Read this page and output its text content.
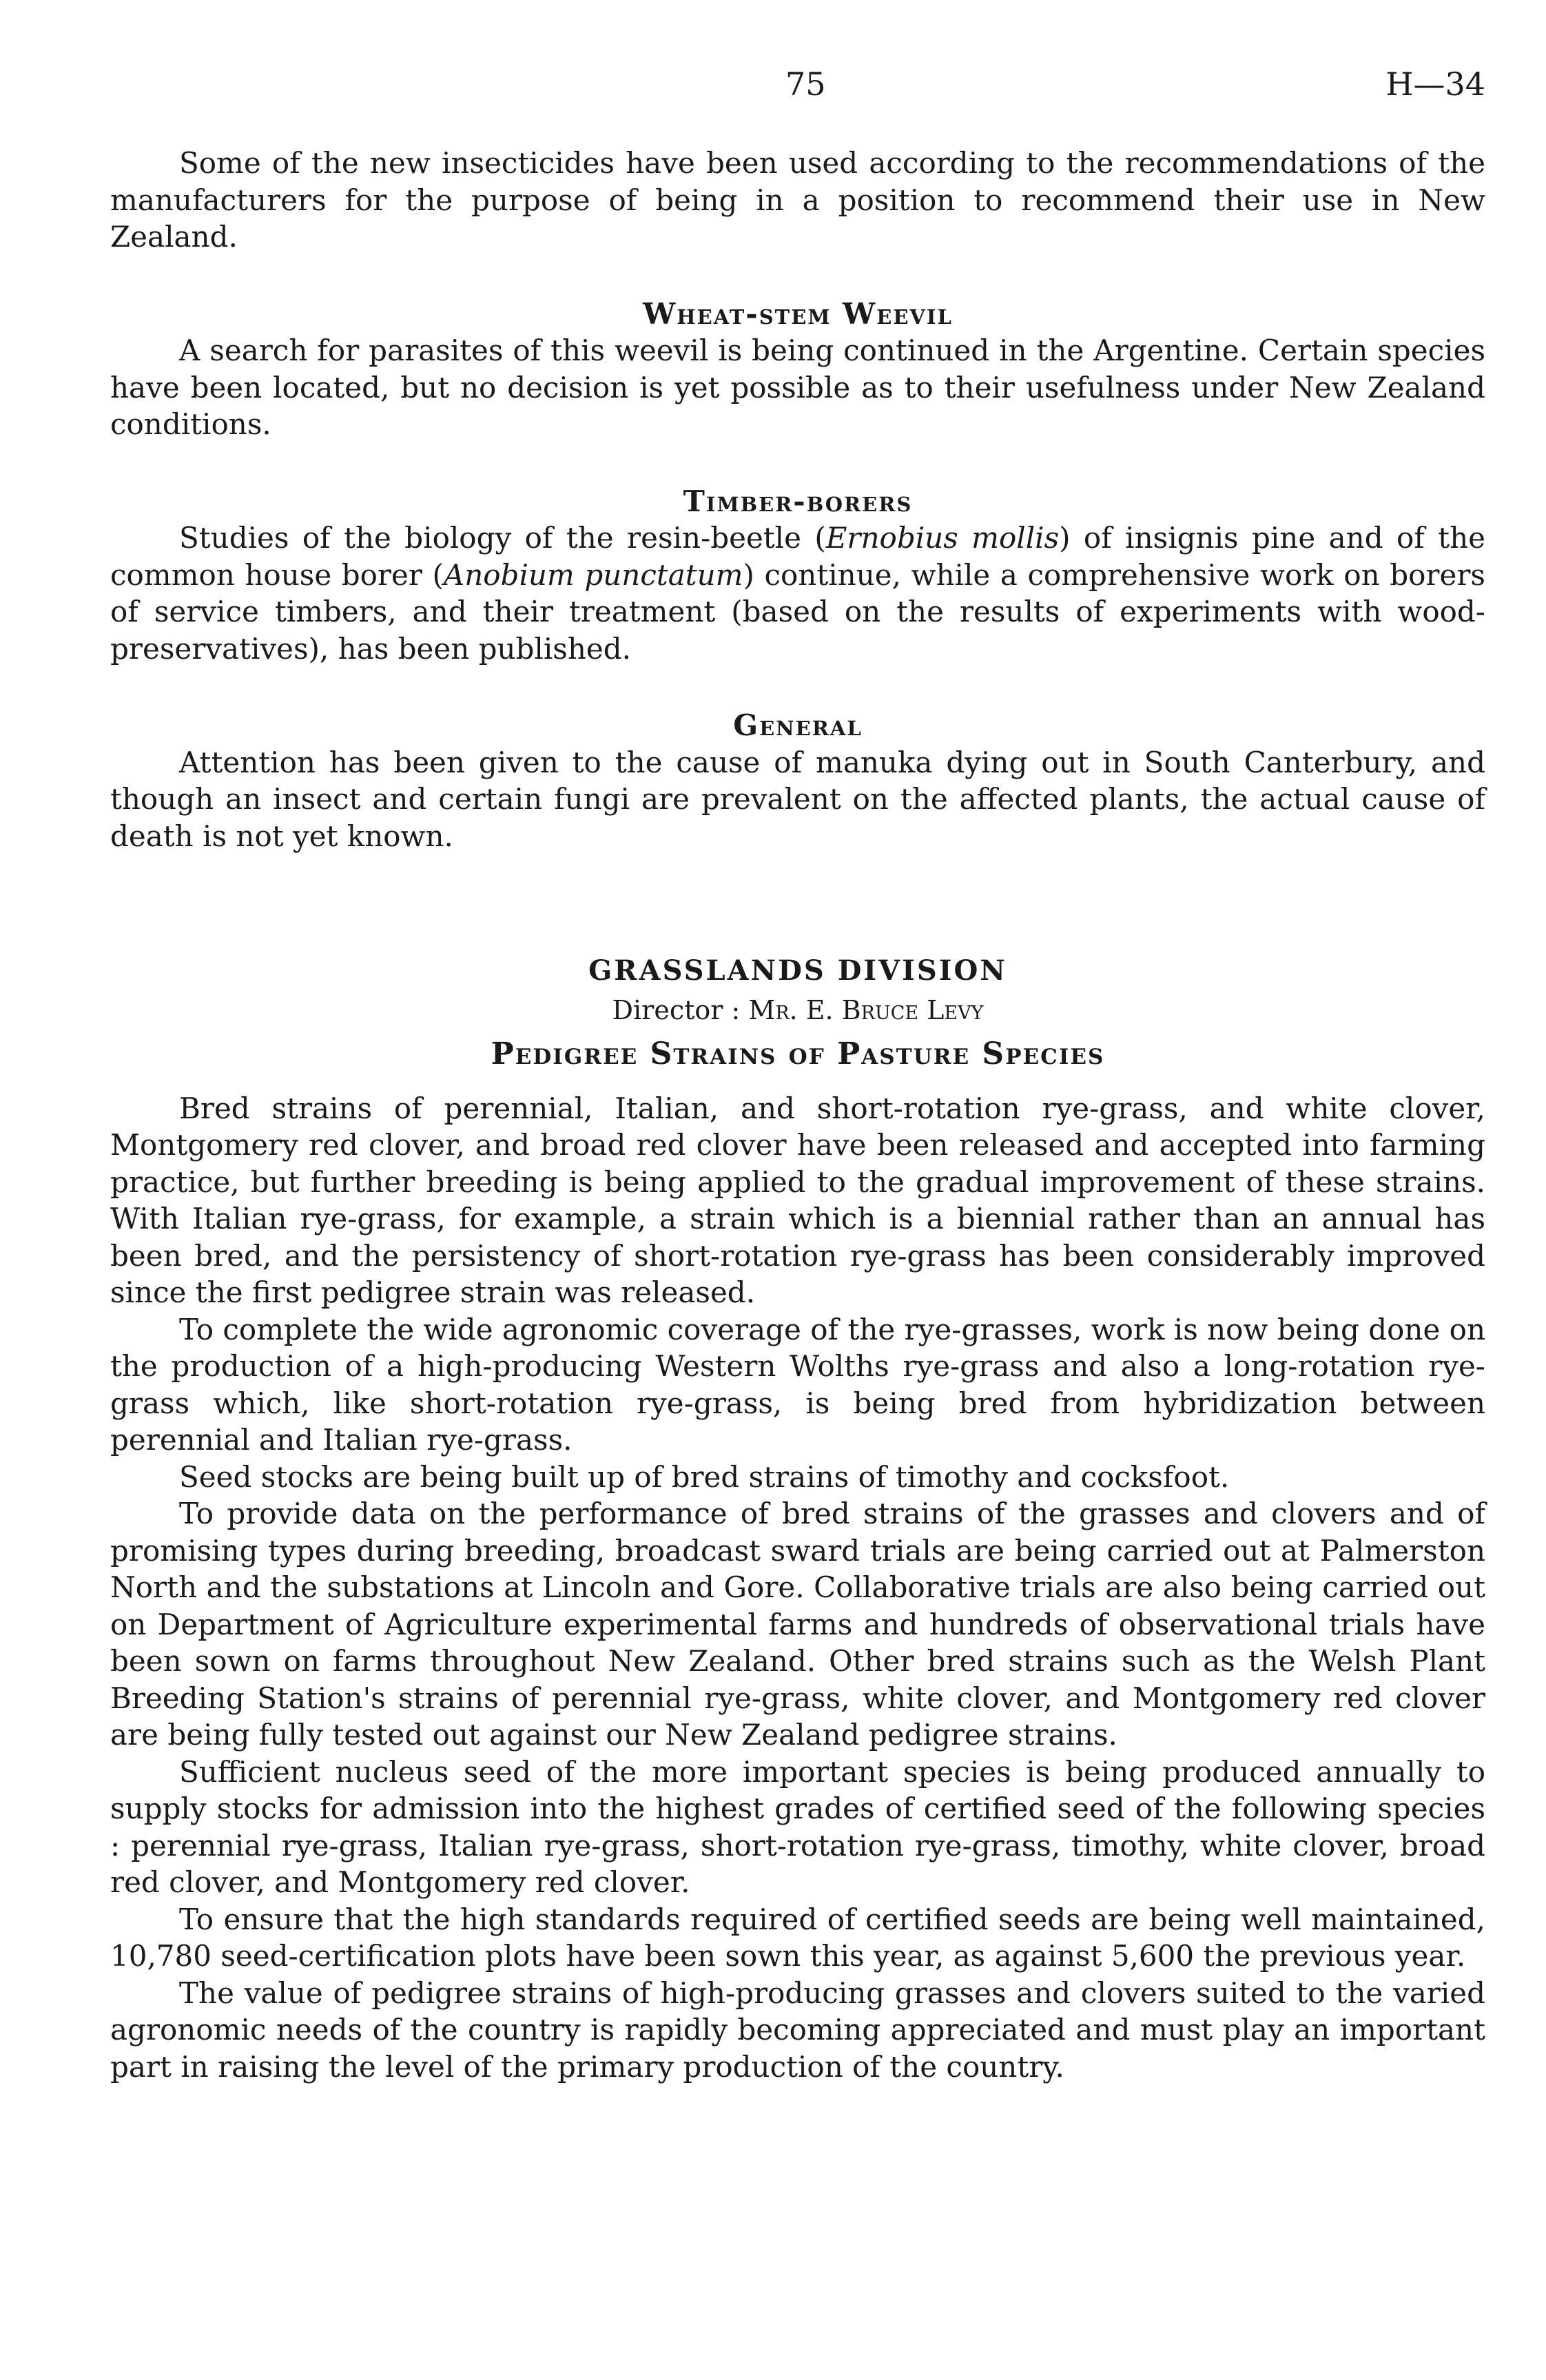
75	H—34

Some of the new insecticides have been used according to the recommendations of the manufacturers for the purpose of being in a position to recommend their use in New Zealand.

Wheat-stem Weevil

A search for parasites of this weevil is being continued in the Argentine. Certain species have been located, but no decision is yet possible as to their usefulness under New Zealand conditions.

Timber-borers

Studies of the biology of the resin-beetle (Ernobius mollis) of insignis pine and of the common house borer (Anobium punctatum) continue, while a comprehensive work on borers of service timbers, and their treatment (based on the results of experiments with wood-preservatives), has been published.

General

Attention has been given to the cause of manuka dying out in South Canterbury, and though an insect and certain fungi are prevalent on the affected plants, the actual cause of death is not yet known.

GRASSLANDS DIVISION
Director : Mr. E. Bruce Levy
Pedigree Strains of Pasture Species

Bred strains of perennial, Italian, and short-rotation rye-grass, and white clover, Montgomery red clover, and broad red clover have been released and accepted into farming practice, but further breeding is being applied to the gradual improvement of these strains. With Italian rye-grass, for example, a strain which is a biennial rather than an annual has been bred, and the persistency of short-rotation rye-grass has been considerably improved since the first pedigree strain was released.

To complete the wide agronomic coverage of the rye-grasses, work is now being done on the production of a high-producing Western Wolths rye-grass and also a long-rotation rye-grass which, like short-rotation rye-grass, is being bred from hybridization between perennial and Italian rye-grass.

Seed stocks are being built up of bred strains of timothy and cocksfoot.

To provide data on the performance of bred strains of the grasses and clovers and of promising types during breeding, broadcast sward trials are being carried out at Palmerston North and the substations at Lincoln and Gore. Collaborative trials are also being carried out on Department of Agriculture experimental farms and hundreds of observational trials have been sown on farms throughout New Zealand. Other bred strains such as the Welsh Plant Breeding Station's strains of perennial rye-grass, white clover, and Montgomery red clover are being fully tested out against our New Zealand pedigree strains.

Sufficient nucleus seed of the more important species is being produced annually to supply stocks for admission into the highest grades of certified seed of the following species : perennial rye-grass, Italian rye-grass, short-rotation rye-grass, timothy, white clover, broad red clover, and Montgomery red clover.

To ensure that the high standards required of certified seeds are being well maintained, 10,780 seed-certification plots have been sown this year, as against 5,600 the previous year.

The value of pedigree strains of high-producing grasses and clovers suited to the varied agronomic needs of the country is rapidly becoming appreciated and must play an important part in raising the level of the primary production of the country.
